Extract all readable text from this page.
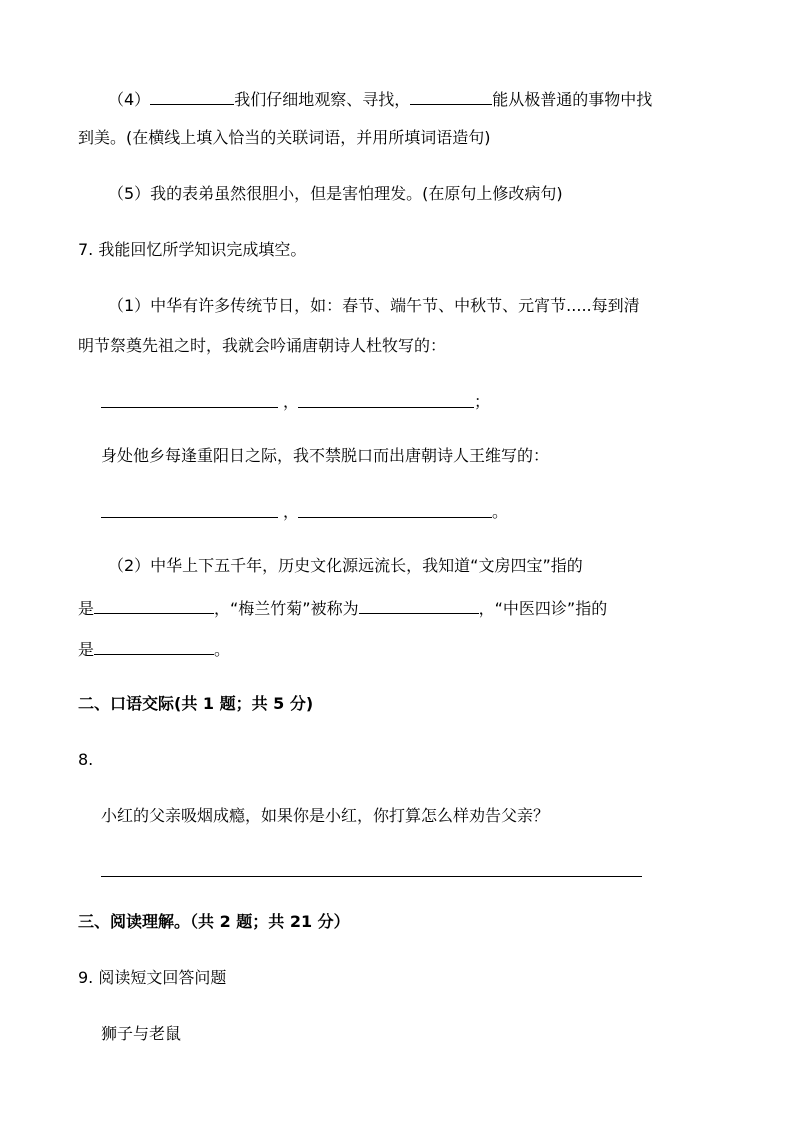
（4）	我们仔细地观察、寻找，	能从极普通的事物中找
到美。(在横线上填入恰当的关联词语，并用所填词语造句)
（5）我的表弟虽然很胆小，但是害怕理发。(在原句上修改病句)
7. 我能回忆所学知识完成填空。
（1）中华有许多传统节日，如：春节、端午节、中秋节、元宵节.....每到清
明节祭奠先祖之时，我就会吟诵唐朝诗人杜牧写的：
，	；
身处他乡每逢重阳日之际，我不禁脱口而出唐朝诗人王维写的：
，	。
（2）中华上下五千年，历史文化源远流长，我知道“文房四宝”指的
是	，“梅兰竹菊”被称为	，“中医四诊”指的
是	。
二、口语交际(共 1 题；共 5 分)
8.
小红的父亲吸烟成瘾，如果你是小红，你打算怎么样劝告父亲？
三、阅读理解。（共 2 题；共 21 分）
9. 阅读短文回答问题
狮子与老鼠
